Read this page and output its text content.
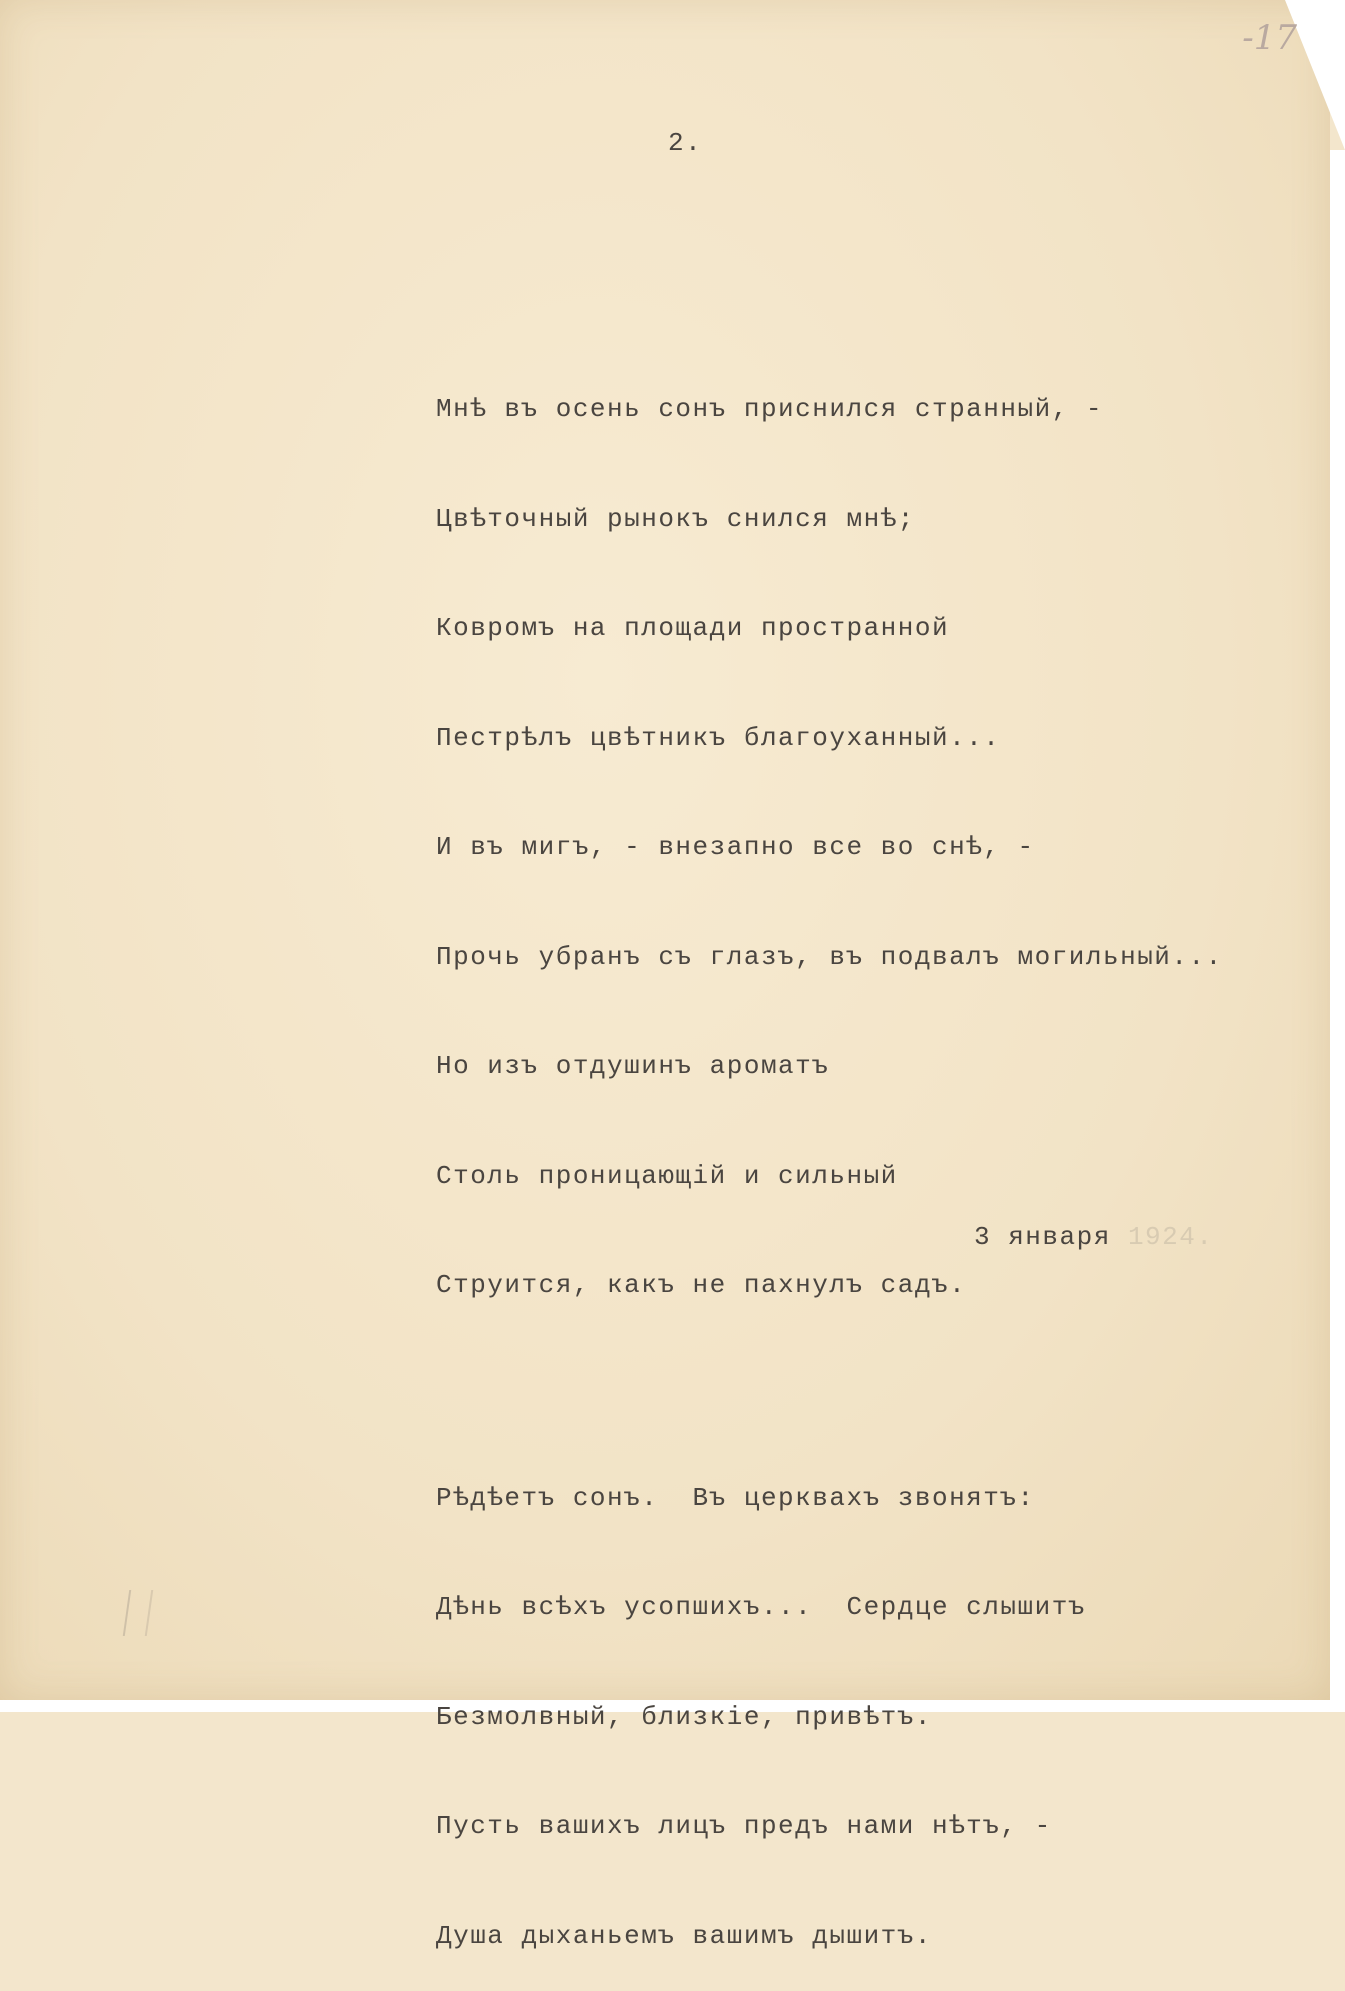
-17
2.

Мнѣ въ осень сонъ приснился странный, -

Цвѣточный рынокъ снился мнѣ;

Ковромъ на площади пространной

Пестрѣлъ цвѣтникъ благоуханный...

И въ мигъ, - внезапно все во снѣ, -

Прочь убранъ съ глазъ, въ подвалъ могильный...

Но изъ отдушинъ ароматъ

Столь проницающій и сильный

Струится, какъ не пахнулъ садъ.

Рѣдѣетъ сонъ.  Въ церквахъ звонятъ:

Дѣнь всѣхъ усопшихъ...  Сердце слышитъ

Безмолвный, близкіе, привѣтъ.

Пусть вашихъ лицъ предъ нами нѣтъ, -

Душа дыханьемъ вашимъ дышитъ.

3 января 1924.
